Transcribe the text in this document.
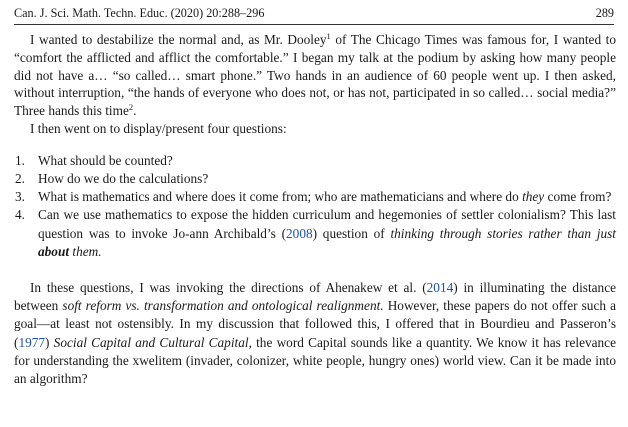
Can. J. Sci. Math. Techn. Educ. (2020) 20:288–296	289

I wanted to destabilize the normal and, as Mr. Dooley$^1$ of The Chicago Times was famous for, I wanted to “comfort the afflicted and afflict the comfortable.” I began my talk at the podium by asking how many people did not have a… “so called… smart phone.” Two hands in an audience of 60 people went up. I then asked, without interruption, “the hands of everyone who does not, or has not, participated in so called… social media?” Three hands this time$^2$.

I then went on to display/present four questions:

1. What should be counted?
2. How do we do the calculations?
3. What is mathematics and where does it come from; who are mathematicians and where do they come from?
4. Can we use mathematics to expose the hidden curriculum and hegemonies of settler colonialism? This last question was to invoke Jo-ann Archibald’s (2008) question of thinking through stories rather than just about them.

In these questions, I was invoking the directions of Ahenakew et al. (2014) in illuminating the distance between soft reform vs. transformation and ontological realignment. However, these papers do not offer such a goal—at least not ostensibly. In my discussion that followed this, I offered that in Bourdieu and Passeron’s (1977) Social Capital and Cultural Capital, the word Capital sounds like a quantity. We know it has relevance for understanding the xwelitem (invader, colonizer, white people, hungry ones) world view. Can it be made into an algorithm?
